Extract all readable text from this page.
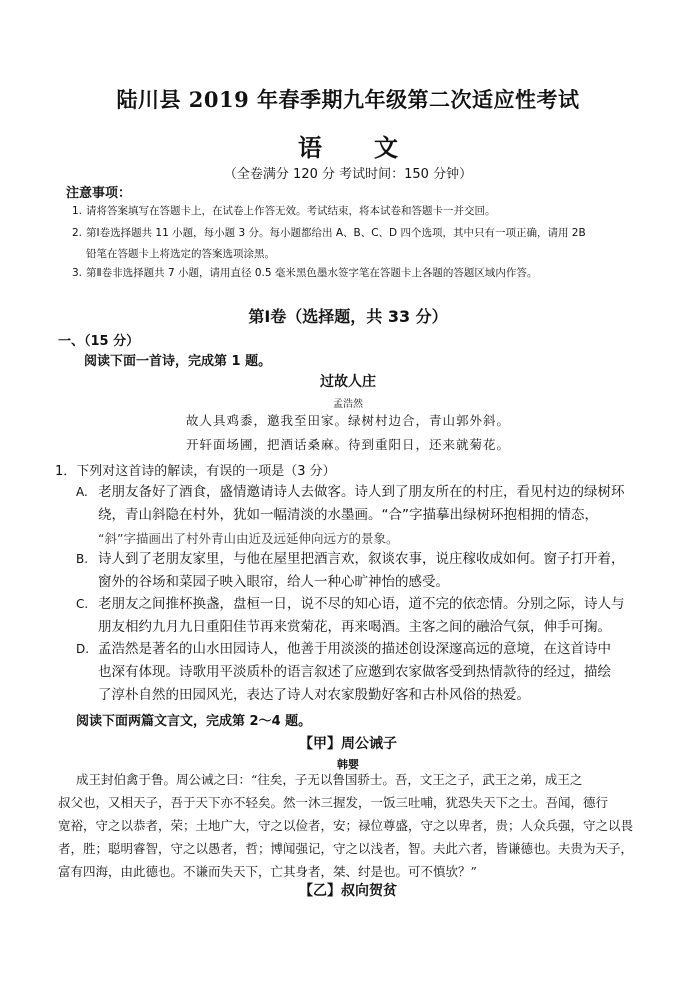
陆川县 2019 年春季期九年级第二次适应性考试
语 文
（全卷满分 120 分 考试时间：150 分钟）
注意事项：
1. 请将答案填写在答题卡上，在试卷上作答无效。考试结束，将本试卷和答题卡一并交回。
2. 第Ⅰ卷选择题共 11 小题，每小题 3 分。每小题都给出 A、B、C、D 四个选项，其中只有一项正确，请用 2B
铅笔在答题卡上将选定的答案选项涂黑。
3. 第Ⅱ卷非选择题共 7 小题，请用直径 0.5 毫米黑色墨水签字笔在答题卡上各题的答题区域内作答。
第Ⅰ卷（选择题，共 33 分）
一、（15 分）
阅读下面一首诗，完成第 1 题。
过故人庄
孟浩然
故人具鸡黍，邀我至田家。绿树村边合，青山郭外斜。
开轩面场圃，把酒话桑麻。待到重阳日，还来就菊花。
1．下列对这首诗的解读，有误的一项是（3 分）
A. 老朋友备好了酒食，盛情邀请诗人去做客。诗人到了朋友所在的村庄，看见村边的绿树环
绕，青山斜隐在村外，犹如一幅清淡的水墨画。“合”字描摹出绿树环抱相拥的情态，
“斜”字描画出了村外青山由近及远延伸向远方的景象。
B. 诗人到了老朋友家里，与他在屋里把酒言欢，叙谈农事，说庄稼收成如何。窗子打开着，
窗外的谷场和菜园子映入眼帘，给人一种心旷神怡的感受。
C. 老朋友之间推杯换盏，盘桓一日，说不尽的知心语，道不完的依恋情。分别之际，诗人与
朋友相约九月九日重阳佳节再来赏菊花，再来喝酒。主客之间的融洽气氛，伸手可掬。
D. 孟浩然是著名的山水田园诗人，他善于用淡淡的描述创设深邃高远的意境，在这首诗中
也深有体现。诗歌用平淡质朴的语言叙述了应邀到农家做客受到热情款待的经过，描绘
了淳朴自然的田园风光，表达了诗人对农家殷勤好客和古朴风俗的热爱。
阅读下面两篇文言文，完成第 2～4 题。
【甲】周公诫子
韩婴
成王封伯禽于鲁。周公诫之曰：“往矣，子无以鲁国骄士。吾，文王之子，武王之弟，成王之
叔父也，又相天子，吾于天下亦不轻矣。然一沐三握发，一饭三吐哺，犹恐失天下之士。吾闻，德行
宽裕，守之以恭者，荣；土地广大，守之以俭者，安；禄位尊盛，守之以卑者，贵；人众兵强，守之以畏
者，胜；聪明睿智，守之以愚者，哲；博闻强记，守之以浅者，智。夫此六者，皆谦德也。夫贵为天子，
富有四海，由此德也。不谦而失天下，亡其身者，桀、纣是也。可不慎欤？”
【乙】叔向贺贫
